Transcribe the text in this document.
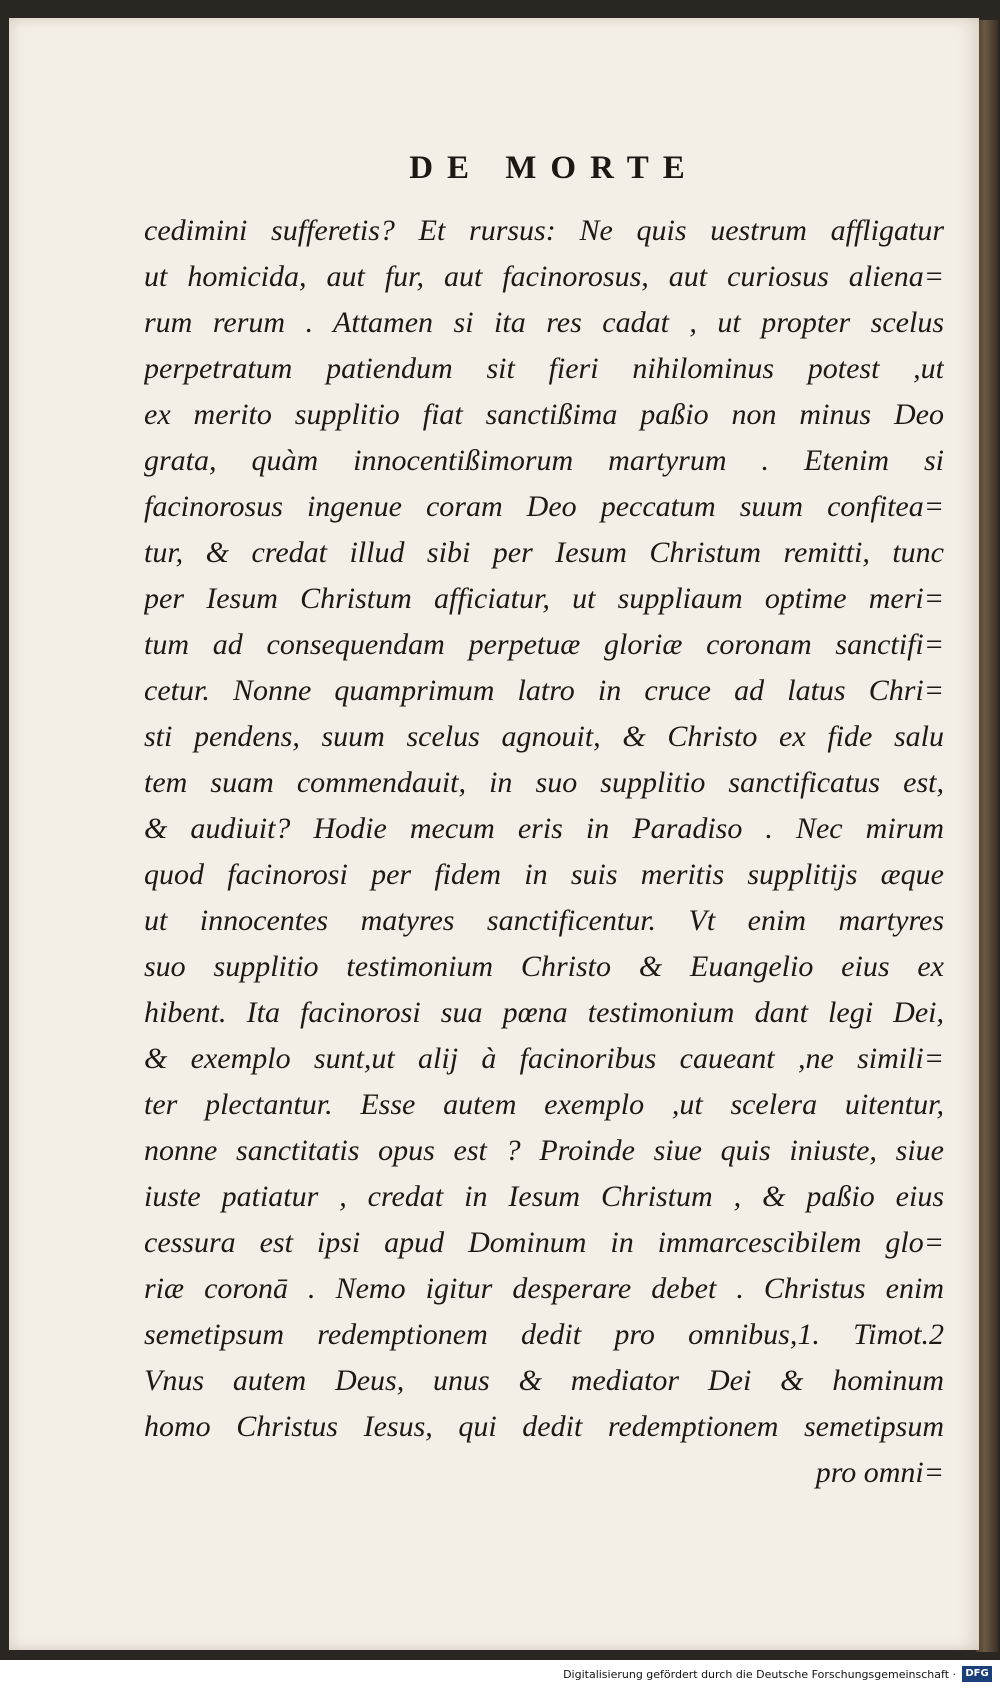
DE MORTE
cedimini sufferetis? Et rursus: Ne quis uestrum affligatur
ut homicida, aut fur, aut facinorosus, aut curiosus aliena=
rum rerum . Attamen si ita res cadat , ut propter scelus
perpetratum patiendum sit fieri nihilominus potest ,ut
ex merito supplitio fiat sanctißima paßio non minus Deo
grata, quàm innocentißimorum martyrum . Etenim si
facinorosus ingenue coram Deo peccatum suum confitea=
tur, & credat illud sibi per Iesum Christum remitti, tunc
per Iesum Christum afficiatur, ut suppliaum optime meri=
tum ad consequendam perpetuæ gloriæ coronam sanctifi=
cetur. Nonne quamprimum latro in cruce ad latus Chri=
sti pendens, suum scelus agnouit, & Christo ex fide salu
tem suam commendauit, in suo supplitio sanctificatus est,
& audiuit? Hodie mecum eris in Paradiso . Nec mirum
quod facinorosi per fidem in suis meritis supplitijs æque
ut innocentes matyres sanctificentur. Vt enim martyres
suo supplitio testimonium Christo & Euangelio eius ex
hibent. Ita facinorosi sua pœna testimonium dant legi Dei,
& exemplo sunt,ut alij à facinoribus caueant ,ne simili=
ter plectantur. Esse autem exemplo ,ut scelera uitentur,
nonne sanctitatis opus est ? Proinde siue quis iniuste, siue
iuste patiatur , credat in Iesum Christum , & paßio eius
cessura est ipsi apud Dominum in immarcescibilem glo=
riæ coronā . Nemo igitur desperare debet . Christus enim
semetipsum redemptionem dedit pro omnibus,1. Timot.2
Vnus autem Deus, unus & mediator Dei & hominum
homo Christus Iesus, qui dedit redemptionem semetipsum
pro omni=
Digitalisierung gefördert durch die Deutsche Forschungsgemeinschaft · DFG
